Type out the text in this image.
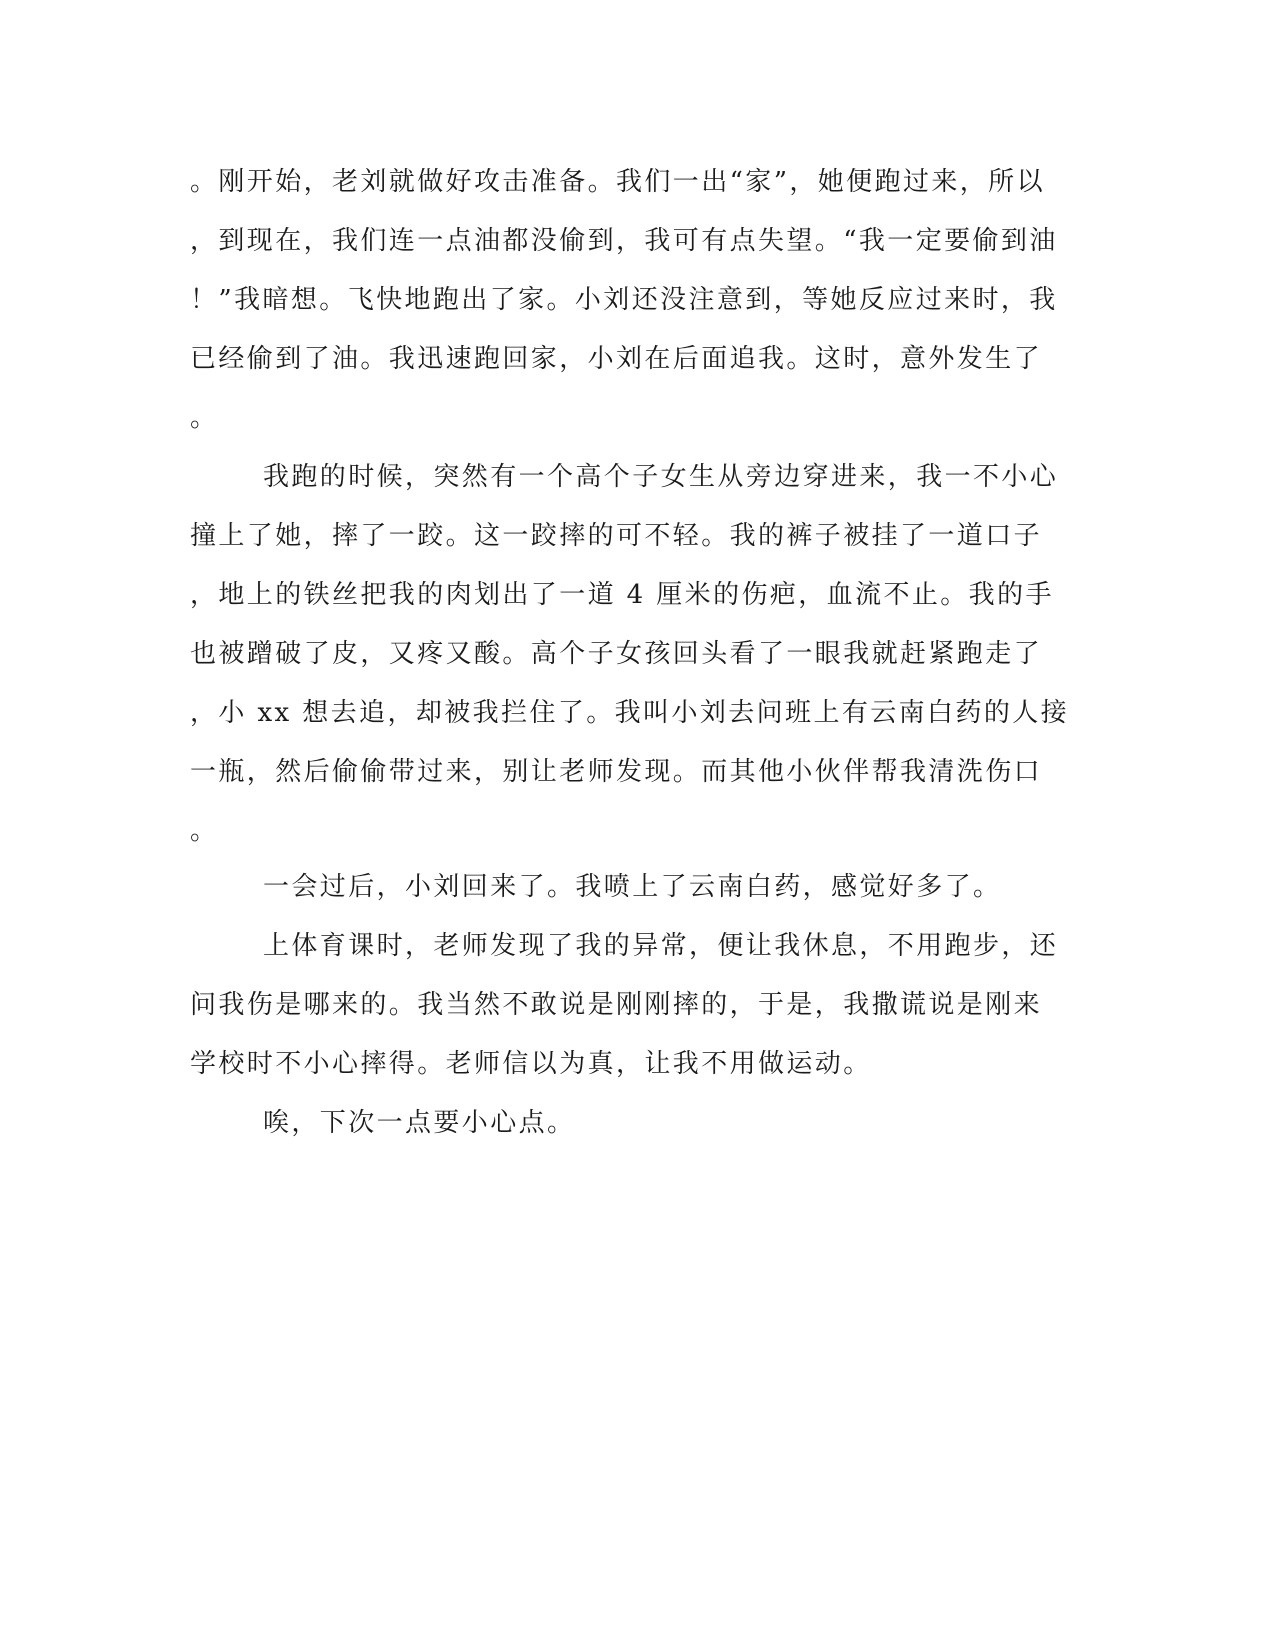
。刚开始，老刘就做好攻击准备。我们一出“家”，她便跑过来，所以
，到现在，我们连一点油都没偷到，我可有点失望。“我一定要偷到油
！”我暗想。飞快地跑出了家。小刘还没注意到，等她反应过来时，我
已经偷到了油。我迅速跑回家，小刘在后面追我。这时，意外发生了
。
我跑的时候，突然有一个高个子女生从旁边穿进来，我一不小心
撞上了她，摔了一跤。这一跤摔的可不轻。我的裤子被挂了一道口子
，地上的铁丝把我的肉划出了一道 4 厘米的伤疤，血流不止。我的手
也被蹭破了皮，又疼又酸。高个子女孩回头看了一眼我就赶紧跑走了
，小 xx 想去追，却被我拦住了。我叫小刘去问班上有云南白药的人接
一瓶，然后偷偷带过来，别让老师发现。而其他小伙伴帮我清洗伤口
。
一会过后，小刘回来了。我喷上了云南白药，感觉好多了。
上体育课时，老师发现了我的异常，便让我休息，不用跑步，还
问我伤是哪来的。我当然不敢说是刚刚摔的，于是，我撒谎说是刚来
学校时不小心摔得。老师信以为真，让我不用做运动。
唉，下次一点要小心点。
